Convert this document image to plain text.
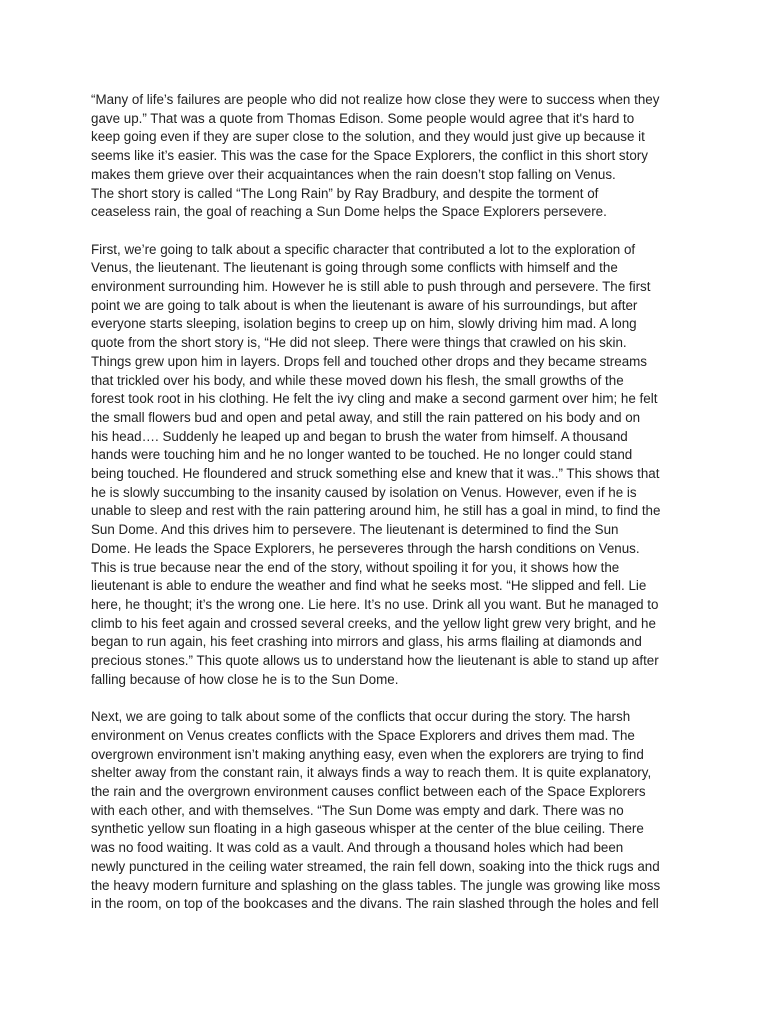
“Many of life’s failures are people who did not realize how close they were to success when they
gave up.” That was a quote from Thomas Edison. Some people would agree that it's hard to
keep going even if they are super close to the solution, and they would just give up because it
seems like it’s easier. This was the case for the Space Explorers, the conflict in this short story
makes them grieve over their acquaintances when the rain doesn’t stop falling on Venus.
The short story is called “The Long Rain” by Ray Bradbury, and despite the torment of
ceaseless rain, the goal of reaching a Sun Dome helps the Space Explorers persevere.

First, we’re going to talk about a specific character that contributed a lot to the exploration of
Venus, the lieutenant. The lieutenant is going through some conflicts with himself and the
environment surrounding him. However he is still able to push through and persevere. The first
point we are going to talk about is when the lieutenant is aware of his surroundings, but after
everyone starts sleeping, isolation begins to creep up on him, slowly driving him mad. A long
quote from the short story is, “He did not sleep. There were things that crawled on his skin.
Things grew upon him in layers. Drops fell and touched other drops and they became streams
that trickled over his body, and while these moved down his flesh, the small growths of the
forest took root in his clothing. He felt the ivy cling and make a second garment over him; he felt
the small flowers bud and open and petal away, and still the rain pattered on his body and on
his head…. Suddenly he leaped up and began to brush the water from himself. A thousand
hands were touching him and he no longer wanted to be touched. He no longer could stand
being touched. He floundered and struck something else and knew that it was..” This shows that
he is slowly succumbing to the insanity caused by isolation on Venus. However, even if he is
unable to sleep and rest with the rain pattering around him, he still has a goal in mind, to find the
Sun Dome. And this drives him to persevere. The lieutenant is determined to find the Sun
Dome. He leads the Space Explorers, he perseveres through the harsh conditions on Venus.
This is true because near the end of the story, without spoiling it for you, it shows how the
lieutenant is able to endure the weather and find what he seeks most. “He slipped and fell. Lie
here, he thought; it’s the wrong one. Lie here. It’s no use. Drink all you want. But he managed to
climb to his feet again and crossed several creeks, and the yellow light grew very bright, and he
began to run again, his feet crashing into mirrors and glass, his arms flailing at diamonds and
precious stones.” This quote allows us to understand how the lieutenant is able to stand up after
falling because of how close he is to the Sun Dome.

Next, we are going to talk about some of the conflicts that occur during the story. The harsh
environment on Venus creates conflicts with the Space Explorers and drives them mad. The
overgrown environment isn’t making anything easy, even when the explorers are trying to find
shelter away from the constant rain, it always finds a way to reach them. It is quite explanatory,
the rain and the overgrown environment causes conflict between each of the Space Explorers
with each other, and with themselves. “The Sun Dome was empty and dark. There was no
synthetic yellow sun floating in a high gaseous whisper at the center of the blue ceiling. There
was no food waiting. It was cold as a vault. And through a thousand holes which had been
newly punctured in the ceiling water streamed, the rain fell down, soaking into the thick rugs and
the heavy modern furniture and splashing on the glass tables. The jungle was growing like moss
in the room, on top of the bookcases and the divans. The rain slashed through the holes and fell
